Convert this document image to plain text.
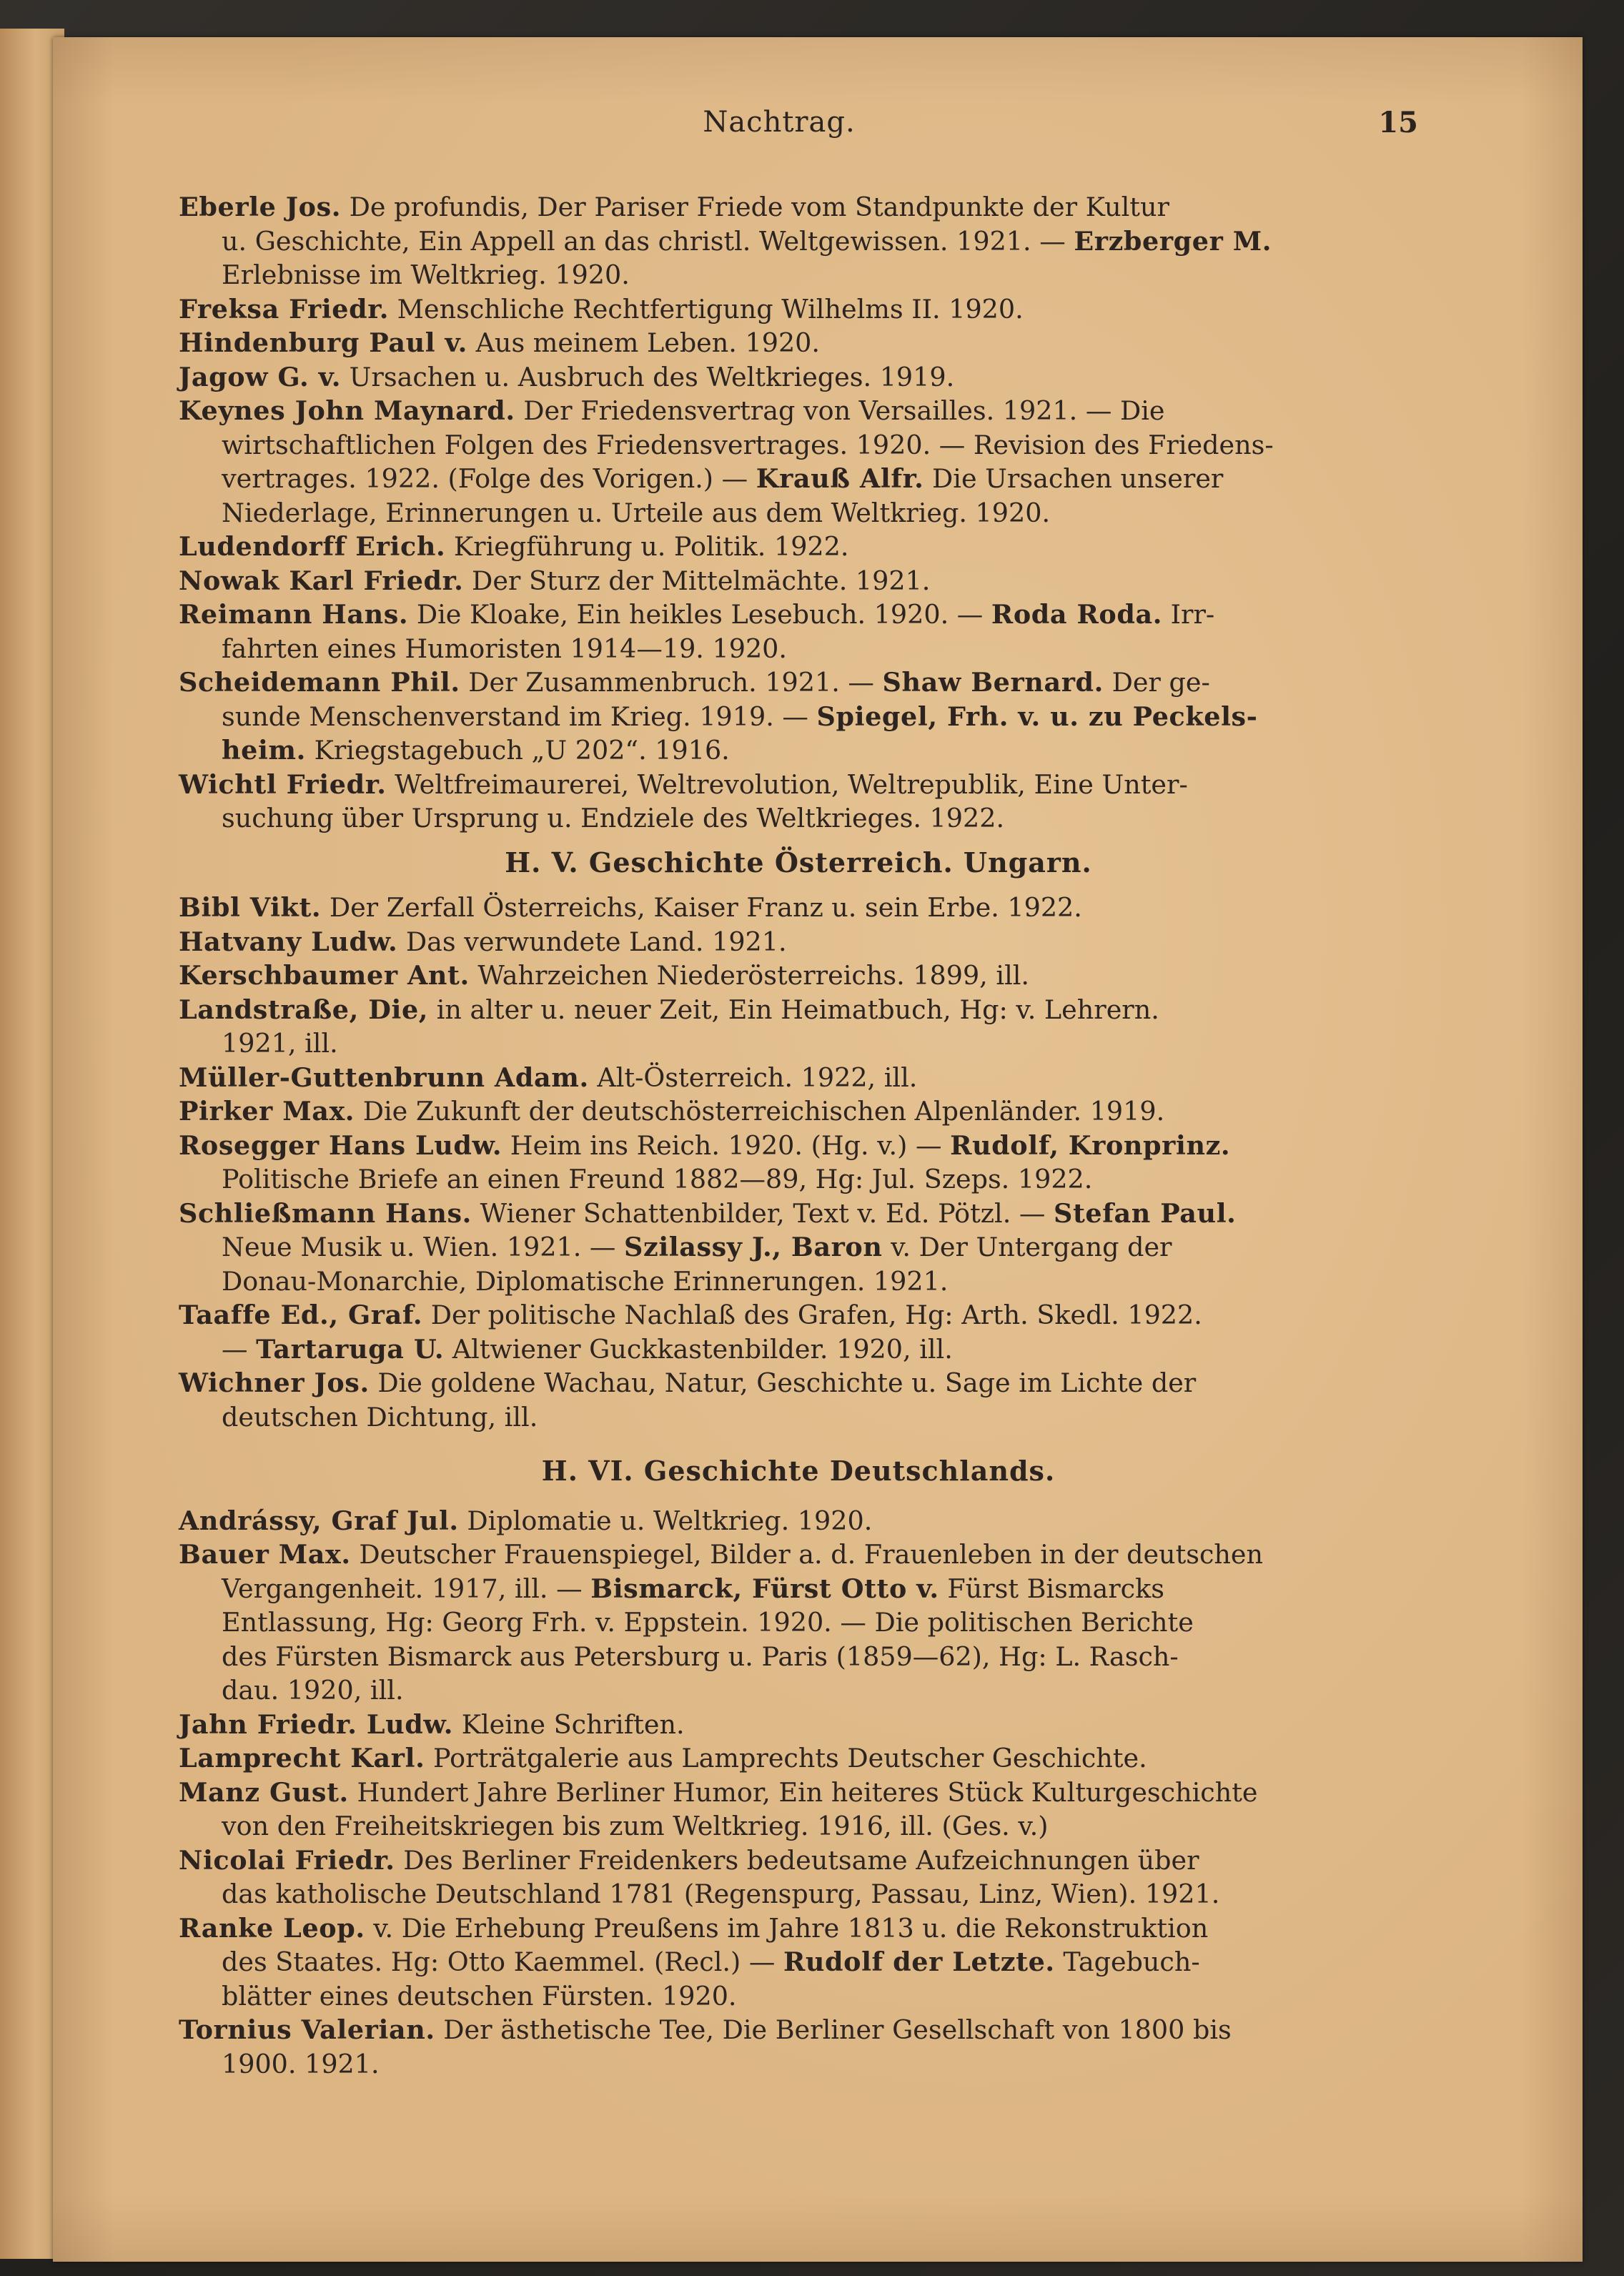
Nachtrag.	15
Eberle Jos. De profundis, Der Pariser Friede vom Standpunkte der Kultur
u. Geschichte, Ein Appell an das christl. Weltgewissen. 1921. — Erzberger M.
Erlebnisse im Weltkrieg. 1920.
Freksa Friedr. Menschliche Rechtfertigung Wilhelms II. 1920.
Hindenburg Paul v. Aus meinem Leben. 1920.
Jagow G. v. Ursachen u. Ausbruch des Weltkrieges. 1919.
Keynes John Maynard. Der Friedensvertrag von Versailles. 1921. — Die
wirtschaftlichen Folgen des Friedensvertrages. 1920. — Revision des Friedens-
vertrages. 1922. (Folge des Vorigen.) — Krauß Alfr. Die Ursachen unserer
Niederlage, Erinnerungen u. Urteile aus dem Weltkrieg. 1920.
Ludendorff Erich. Kriegführung u. Politik. 1922.
Nowak Karl Friedr. Der Sturz der Mittelmächte. 1921.
Reimann Hans. Die Kloake, Ein heikles Lesebuch. 1920. — Roda Roda. Irr-
fahrten eines Humoristen 1914—19. 1920.
Scheidemann Phil. Der Zusammenbruch. 1921. — Shaw Bernard. Der ge-
sunde Menschenverstand im Krieg. 1919. — Spiegel, Frh. v. u. zu Peckels-
heim. Kriegstagebuch „U 202“. 1916.
Wichtl Friedr. Weltfreimaurerei, Weltrevolution, Weltrepublik, Eine Unter-
suchung über Ursprung u. Endziele des Weltkrieges. 1922.
H. V. Geschichte Österreich. Ungarn.
Bibl Vikt. Der Zerfall Österreichs, Kaiser Franz u. sein Erbe. 1922.
Hatvany Ludw. Das verwundete Land. 1921.
Kerschbaumer Ant. Wahrzeichen Niederösterreichs. 1899, ill.
Landstraße, Die, in alter u. neuer Zeit, Ein Heimatbuch, Hg: v. Lehrern.
1921, ill.
Müller-Guttenbrunn Adam. Alt-Österreich. 1922, ill.
Pirker Max. Die Zukunft der deutschösterreichischen Alpenländer. 1919.
Rosegger Hans Ludw. Heim ins Reich. 1920. (Hg. v.) — Rudolf, Kronprinz.
Politische Briefe an einen Freund 1882—89, Hg: Jul. Szeps. 1922.
Schließmann Hans. Wiener Schattenbilder, Text v. Ed. Pötzl. — Stefan Paul.
Neue Musik u. Wien. 1921. — Szilassy J., Baron v. Der Untergang der
Donau-Monarchie, Diplomatische Erinnerungen. 1921.
Taaffe Ed., Graf. Der politische Nachlaß des Grafen, Hg: Arth. Skedl. 1922.
— Tartaruga U. Altwiener Guckkastenbilder. 1920, ill.
Wichner Jos. Die goldene Wachau, Natur, Geschichte u. Sage im Lichte der
deutschen Dichtung, ill.
H. VI. Geschichte Deutschlands.
Andrássy, Graf Jul. Diplomatie u. Weltkrieg. 1920.
Bauer Max. Deutscher Frauenspiegel, Bilder a. d. Frauenleben in der deutschen
Vergangenheit. 1917, ill. — Bismarck, Fürst Otto v. Fürst Bismarcks
Entlassung, Hg: Georg Frh. v. Eppstein. 1920. — Die politischen Berichte
des Fürsten Bismarck aus Petersburg u. Paris (1859—62), Hg: L. Rasch-
dau. 1920, ill.
Jahn Friedr. Ludw. Kleine Schriften.
Lamprecht Karl. Porträtgalerie aus Lamprechts Deutscher Geschichte.
Manz Gust. Hundert Jahre Berliner Humor, Ein heiteres Stück Kulturgeschichte
von den Freiheitskriegen bis zum Weltkrieg. 1916, ill. (Ges. v.)
Nicolai Friedr. Des Berliner Freidenkers bedeutsame Aufzeichnungen über
das katholische Deutschland 1781 (Regenspurg, Passau, Linz, Wien). 1921.
Ranke Leop. v. Die Erhebung Preußens im Jahre 1813 u. die Rekonstruktion
des Staates. Hg: Otto Kaemmel. (Recl.) — Rudolf der Letzte. Tagebuch-
blätter eines deutschen Fürsten. 1920.
Tornius Valerian. Der ästhetische Tee, Die Berliner Gesellschaft von 1800 bis
1900. 1921.
